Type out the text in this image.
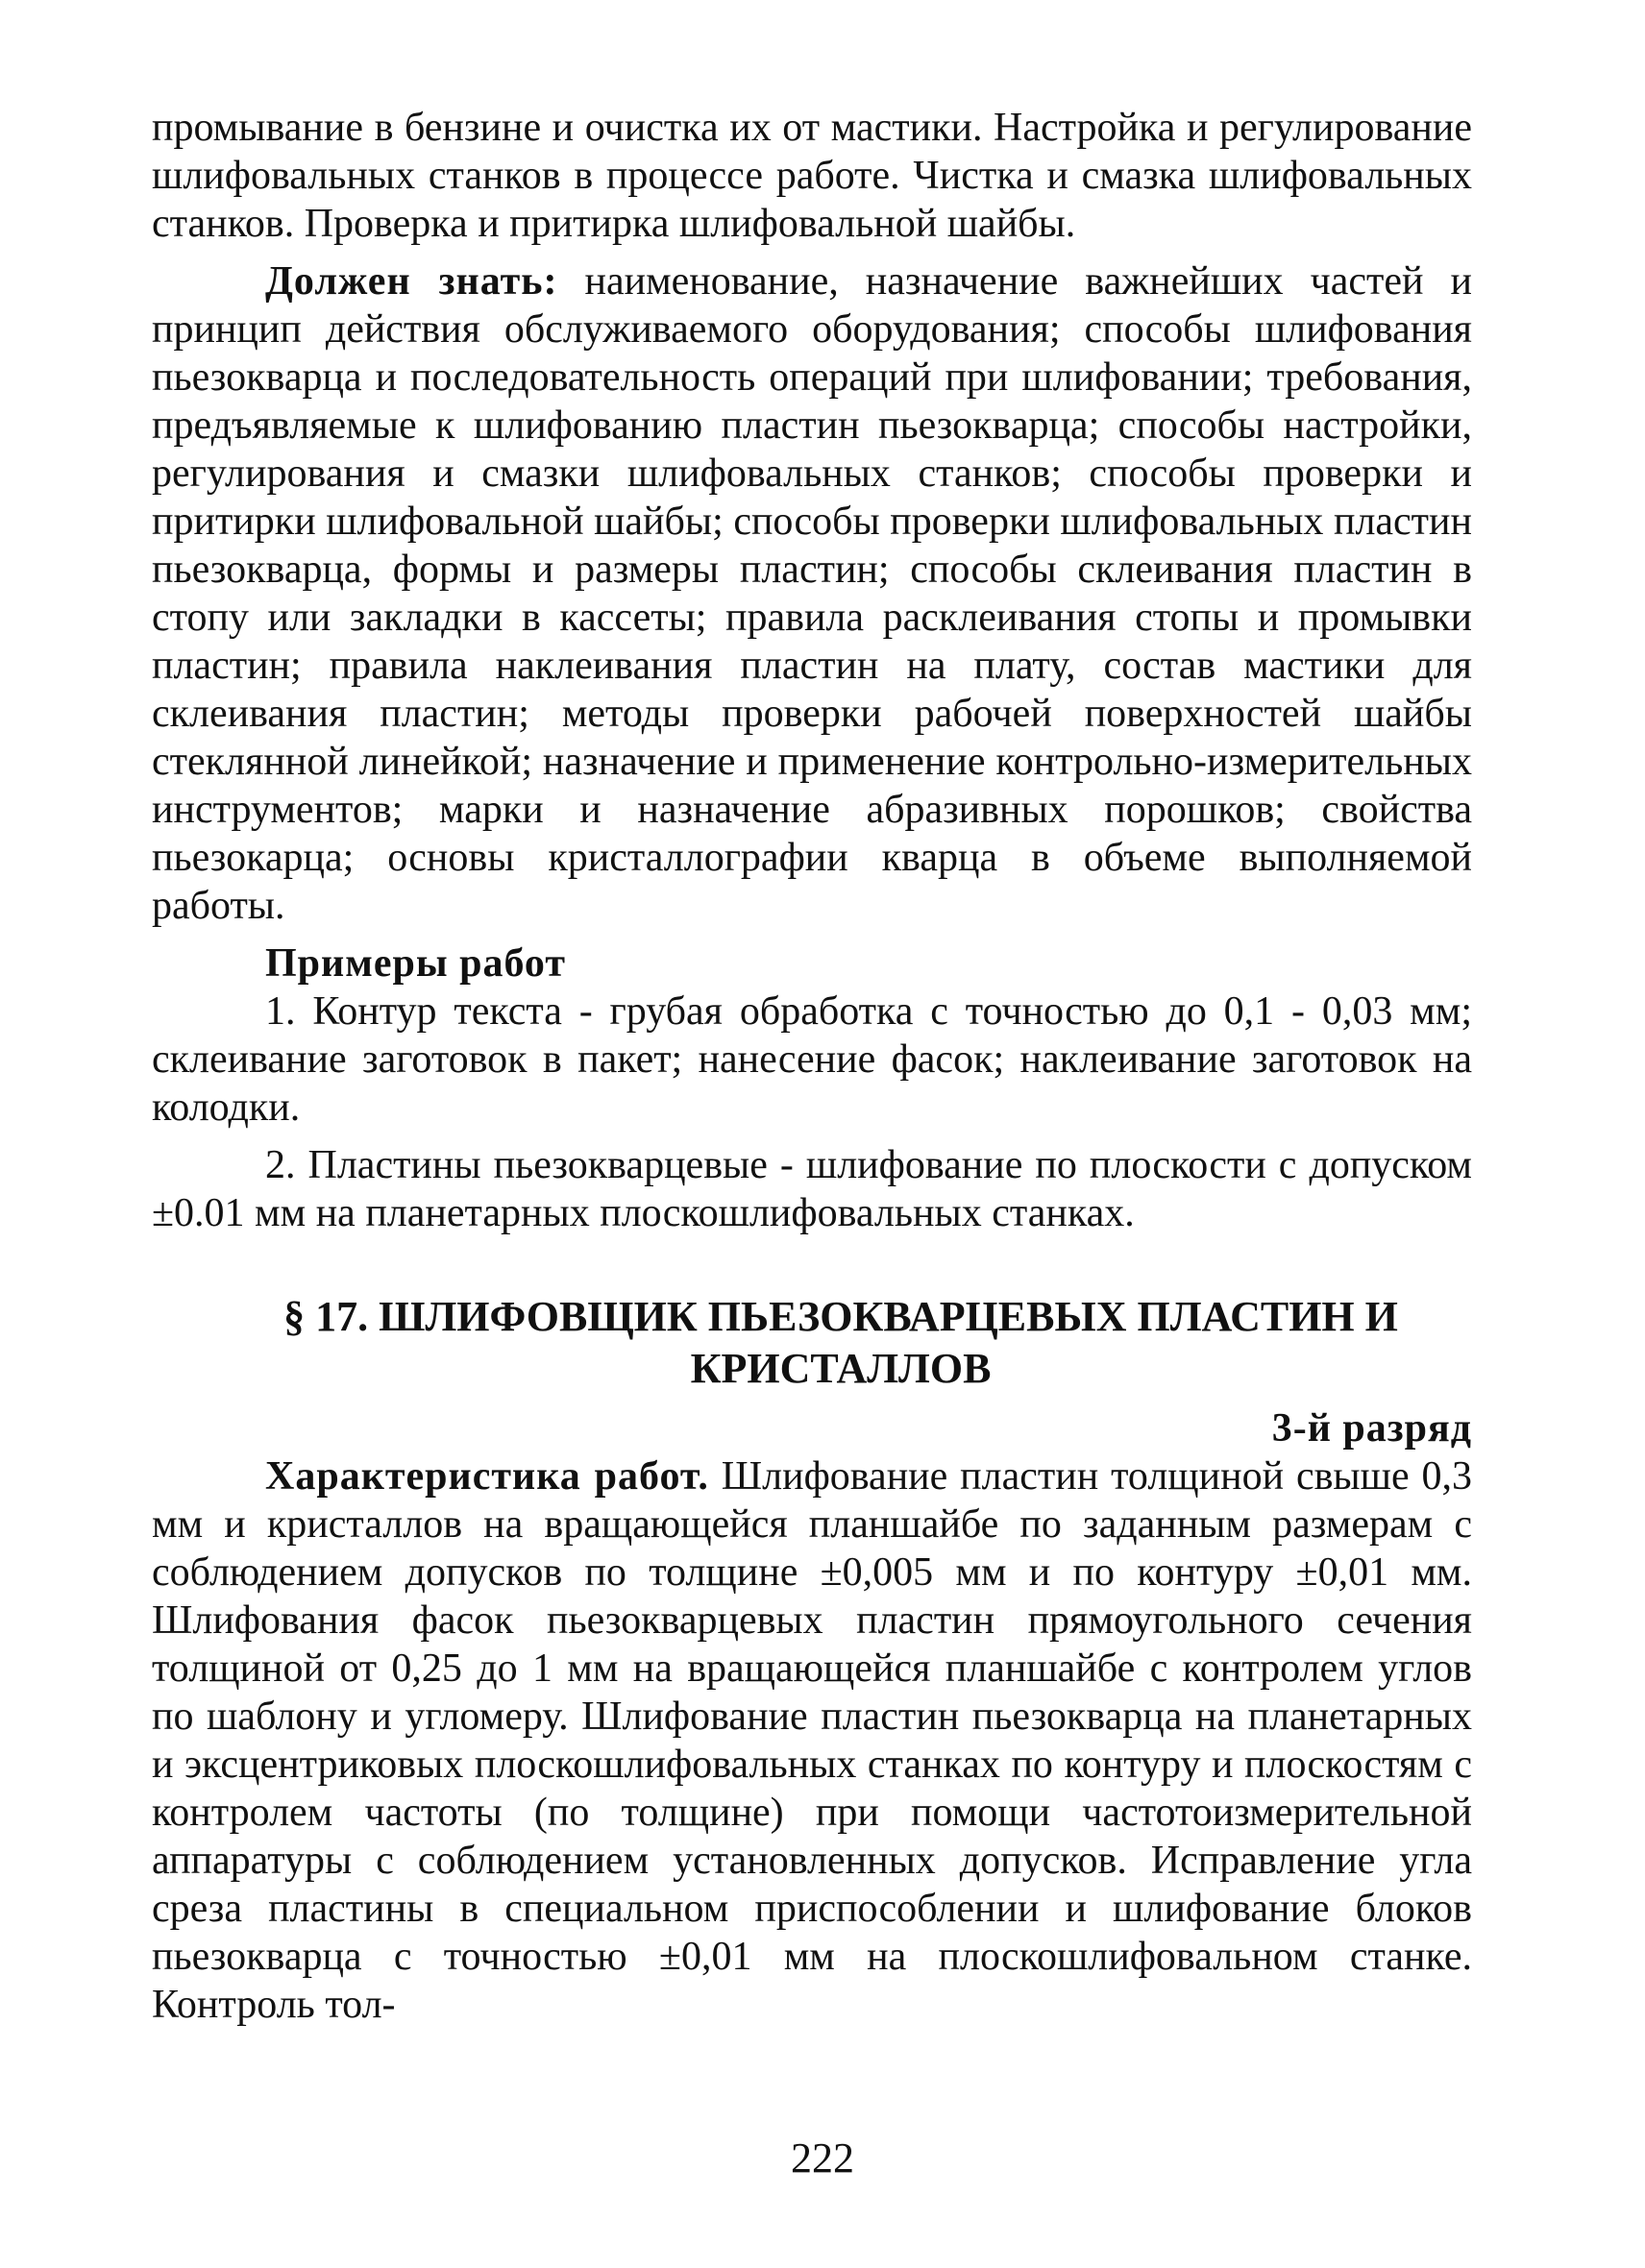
промывание в бензине и очистка их от мастики. Настройка и регулирование шлифовальных станков в процессе работе. Чистка и смазка шлифовальных станков. Проверка и притирка шлифовальной шайбы.

Должен знать: наименование, назначение важнейших частей и принцип действия обслуживаемого оборудования; способы шлифования пьезокварца и последовательность операций при шлифовании; требования, предъявляемые к шлифованию пластин пьезокварца; способы настройки, регулирования и смазки шлифовальных станков; способы проверки и притирки шлифовальной шайбы; способы проверки шлифовальных пластин пьезокварца, формы и размеры пластин; способы склеивания пластин в стопу или закладки в кассеты; правила расклеивания стопы и промывки пластин; правила наклеивания пластин на плату, состав мастики для склеивания пластин; методы проверки рабочей поверхностей шайбы стеклянной линейкой; назначение и применение контрольно-измерительных инструментов; марки и назначение абразивных порошков; свойства пьезокарца; основы кристаллографии кварца в объеме выполняемой работы.

Примеры работ

1. Контур текста - грубая обработка с точностью до 0,1 - 0,03 мм; склеивание заготовок в пакет; нанесение фасок; наклеивание заготовок на колодки.

2. Пластины пьезокварцевые - шлифование по плоскости с допуском ±0.01 мм на планетарных плоскошлифовальных станках.

§ 17. ШЛИФОВЩИК ПЬЕЗОКВАРЦЕВЫХ ПЛАСТИН И КРИСТАЛЛОВ

3-й разряд

Характеристика работ. Шлифование пластин толщиной свыше 0,3 мм и кристаллов на вращающейся планшайбе по заданным размерам с соблюдением допусков по толщине ±0,005 мм и по контуру ±0,01 мм. Шлифования фасок пьезокварцевых пластин прямоугольного сечения толщиной от 0,25 до 1 мм на вращающейся планшайбе с контролем углов по шаблону и угломеру. Шлифование пластин пьезокварца на планетарных и эксцентриковых плоскошлифовальных станках по контуру и плоскостям с контролем частоты (по толщине) при помощи частотоизмерительной аппаратуры с соблюдением установленных допусков. Исправление угла среза пластины в специальном приспособлении и шлифование блоков пьезокварца с точностью ±0,01 мм на плоскошлифовальном станке. Контроль тол-

222
